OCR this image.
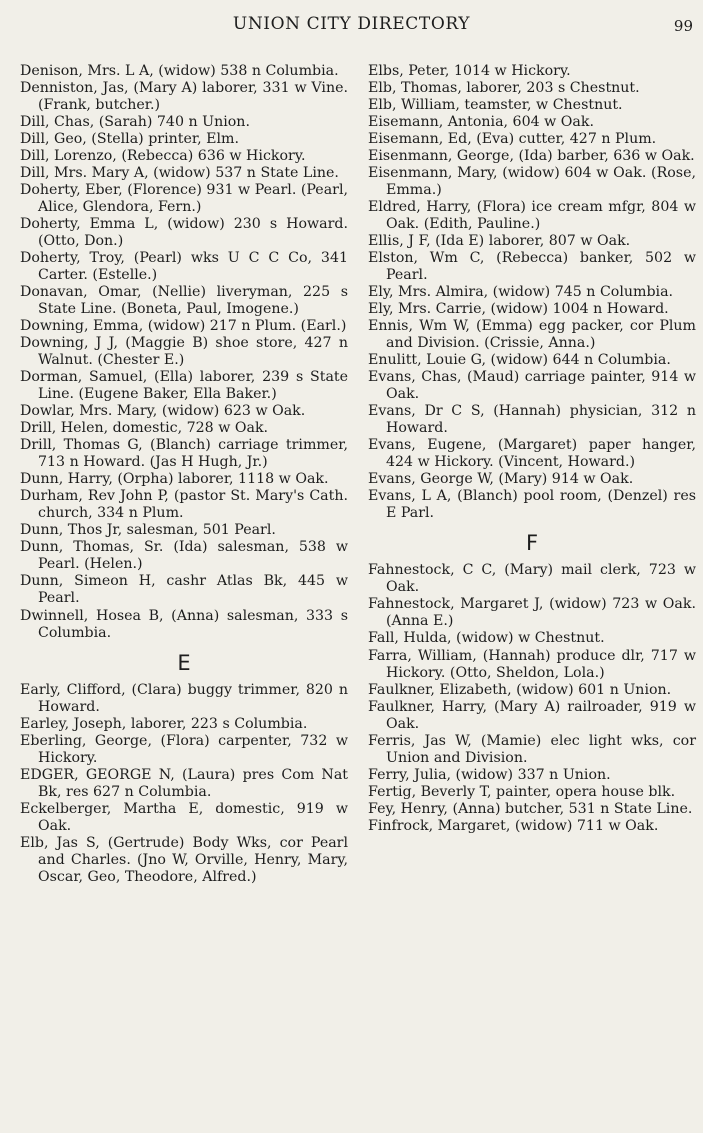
UNION CITY DIRECTORY	99

Denison, Mrs. L A, (widow) 538 n Columbia.

Denniston, Jas, (Mary A) laborer, 331 w Vine. (Frank, butcher.)

Dill, Chas, (Sarah) 740 n Union.

Dill, Geo, (Stella) printer, Elm.

Dill, Lorenzo, (Rebecca) 636 w Hickory.

Dill, Mrs. Mary A, (widow) 537 n State Line.

Doherty, Eber, (Florence) 931 w Pearl. (Pearl, Alice, Glendora, Fern.)

Doherty, Emma L, (widow) 230 s Howard. (Otto, Don.)

Doherty, Troy, (Pearl) wks U C C Co, 341 Carter. (Estelle.)

Donavan, Omar, (Nellie) liveryman, 225 s State Line. (Boneta, Paul, Imogene.)

Downing, Emma, (widow) 217 n Plum. (Earl.)

Downing, J J, (Maggie B) shoe store, 427 n Walnut. (Chester E.)

Dorman, Samuel, (Ella) laborer, 239 s State Line. (Eugene Baker, Ella Baker.)

Dowlar, Mrs. Mary, (widow) 623 w Oak.

Drill, Helen, domestic, 728 w Oak.

Drill, Thomas G, (Blanch) carriage trimmer, 713 n Howard. (Jas H Hugh, Jr.)

Dunn, Harry, (Orpha) laborer, 1118 w Oak.

Durham, Rev John P, (pastor St. Mary's Cath. church, 334 n Plum.

Dunn, Thos Jr, salesman, 501 Pearl.

Dunn, Thomas, Sr. (Ida) salesman, 538 w Pearl. (Helen.)

Dunn, Simeon H, cashr Atlas Bk, 445 w Pearl.

Dwinnell, Hosea B, (Anna) salesman, 333 s Columbia.

E

Early, Clifford, (Clara) buggy trimmer, 820 n Howard.

Earley, Joseph, laborer, 223 s Columbia.

Eberling, George, (Flora) carpenter, 732 w Hickory.

EDGER, GEORGE N, (Laura) pres Com Nat Bk, res 627 n Columbia.

Eckelberger, Martha E, domestic, 919 w Oak.

Elb, Jas S, (Gertrude) Body Wks, cor Pearl and Charles. (Jno W, Orville, Henry, Mary, Oscar, Geo, Theodore, Alfred.)

Elbs, Peter, 1014 w Hickory.

Elb, Thomas, laborer, 203 s Chestnut.

Elb, William, teamster, w Chestnut.

Eisemann, Antonia, 604 w Oak.

Eisemann, Ed, (Eva) cutter, 427 n Plum.

Eisenmann, George, (Ida) barber, 636 w Oak.

Eisenmann, Mary, (widow) 604 w Oak. (Rose, Emma.)

Eldred, Harry, (Flora) ice cream mfgr, 804 w Oak. (Edith, Pauline.)

Ellis, J F, (Ida E) laborer, 807 w Oak.

Elston, Wm C, (Rebecca) banker, 502 w Pearl.

Ely, Mrs. Almira, (widow) 745 n Columbia.

Ely, Mrs. Carrie, (widow) 1004 n Howard.

Ennis, Wm W, (Emma) egg packer, cor Plum and Division. (Crissie, Anna.)

Enulitt, Louie G, (widow) 644 n Columbia.

Evans, Chas, (Maud) carriage painter, 914 w Oak.

Evans, Dr C S, (Hannah) physician, 312 n Howard.

Evans, Eugene, (Margaret) paper hanger, 424 w Hickory. (Vincent, Howard.)

Evans, George W, (Mary) 914 w Oak.

Evans, L A, (Blanch) pool room, (Denzel) res E Parl.

F

Fahnestock, C C, (Mary) mail clerk, 723 w Oak.

Fahnestock, Margaret J, (widow) 723 w Oak. (Anna E.)

Fall, Hulda, (widow) w Chestnut.

Farra, William, (Hannah) produce dlr, 717 w Hickory. (Otto, Sheldon, Lola.)

Faulkner, Elizabeth, (widow) 601 n Union.

Faulkner, Harry, (Mary A) railroader, 919 w Oak.

Ferris, Jas W, (Mamie) elec light wks, cor Union and Division.

Ferry, Julia, (widow) 337 n Union.

Fertig, Beverly T, painter, opera house blk.

Fey, Henry, (Anna) butcher, 531 n State Line.

Finfrock, Margaret, (widow) 711 w Oak.
